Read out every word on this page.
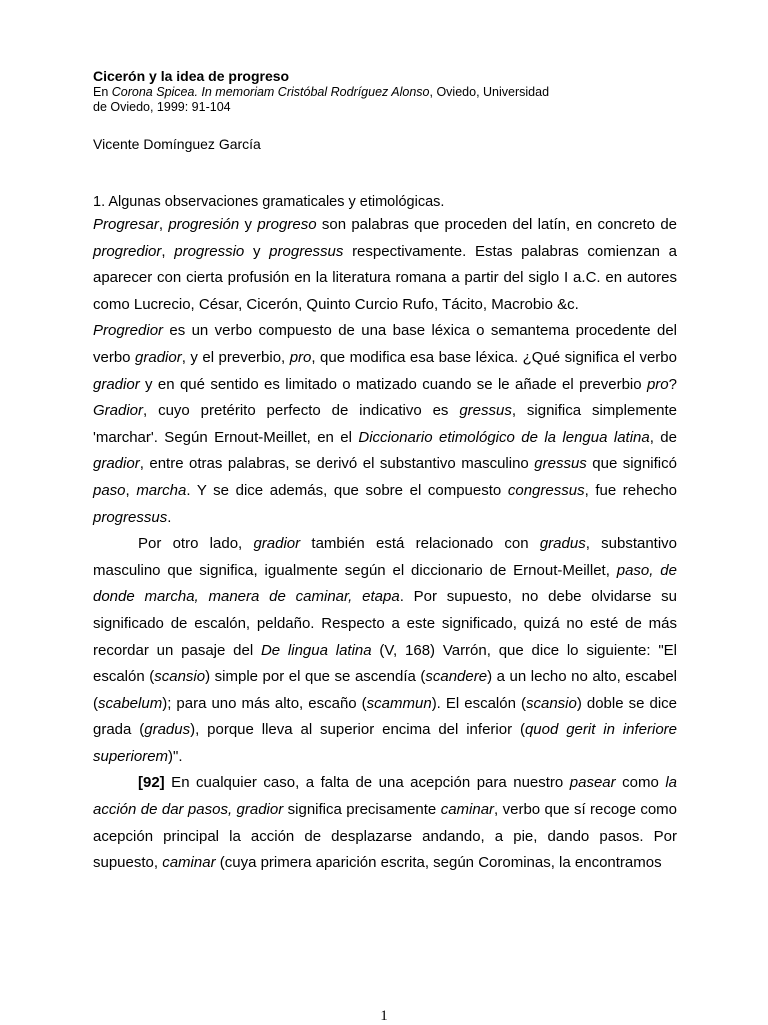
Cicerón y la idea de progreso
En Corona Spicea. In memoriam Cristóbal Rodríguez Alonso, Oviedo, Universidad
de Oviedo, 1999: 91-104
Vicente Domínguez García
1. Algunas observaciones gramaticales y etimológicas.

Progresar, progresión y progreso son palabras que proceden del latín, en concreto de progredior, progressio y progressus respectivamente. Estas palabras comienzan a aparecer con cierta profusión en la literatura romana a partir del siglo I a.C. en autores como Lucrecio, César, Cicerón, Quinto Curcio Rufo, Tácito, Macrobio &c.

Progredior es un verbo compuesto de una base léxica o semantema procedente del verbo gradior, y el preverbio, pro, que modifica esa base léxica. ¿Qué significa el verbo gradior y en qué sentido es limitado o matizado cuando se le añade el preverbio pro? Gradior, cuyo pretérito perfecto de indicativo es gressus, significa simplemente 'marchar'. Según Ernout-Meillet, en el Diccionario etimológico de la lengua latina, de gradior, entre otras palabras, se derivó el substantivo masculino gressus que significó paso, marcha. Y se dice además, que sobre el compuesto congressus, fue rehecho progressus.

Por otro lado, gradior también está relacionado con gradus, substantivo masculino que significa, igualmente según el diccionario de Ernout-Meillet, paso, de donde marcha, manera de caminar, etapa. Por supuesto, no debe olvidarse su significado de escalón, peldaño. Respecto a este significado, quizá no esté de más recordar un pasaje del De lingua latina (V, 168) Varrón, que dice lo siguiente: "El escalón (scansio) simple por el que se ascendía (scandere) a un lecho no alto, escabel (scabelum); para uno más alto, escaño (scammun). El escalón (scansio) doble se dice grada (gradus), porque lleva al superior encima del inferior (quod gerit in inferiore superiorem)".

[92] En cualquier caso, a falta de una acepción para nuestro pasear como la acción de dar pasos, gradior significa precisamente caminar, verbo que sí recoge como acepción principal la acción de desplazarse andando, a pie, dando pasos. Por supuesto, caminar (cuya primera aparición escrita, según Corominas, la encontramos

1
